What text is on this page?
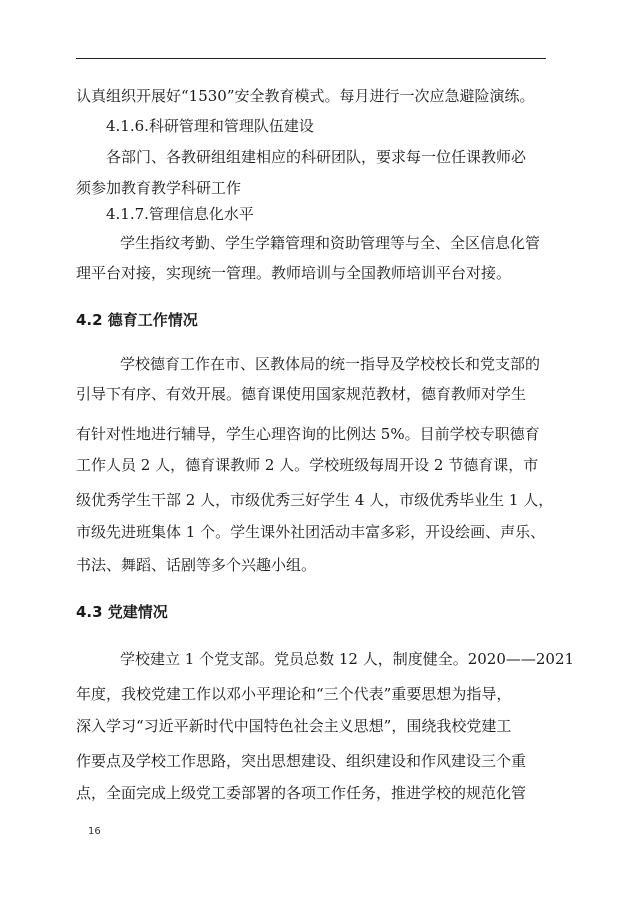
认真组织开展好“1530”安全教育模式。每月进行一次应急避险演练。

4.1.6.科研管理和管理队伍建设

各部门、各教研组组建相应的科研团队，要求每一位任课教师必

须参加教育教学科研工作

4.1.7.管理信息化水平

学生指纹考勤、学生学籍管理和资助管理等与全、全区信息化管

理平台对接，实现统一管理。教师培训与全国教师培训平台对接。

4.2 德育工作情况

学校德育工作在市、区教体局的统一指导及学校校长和党支部的

引导下有序、有效开展。德育课使用国家规范教材，德育教师对学生

有针对性地进行辅导，学生心理咨询的比例达 5%。目前学校专职德育

工作人员 2 人，德育课教师 2 人。学校班级每周开设 2 节德育课，市

级优秀学生干部 2 人，市级优秀三好学生 4 人，市级优秀毕业生 1 人，

市级先进班集体 1 个。学生课外社团活动丰富多彩，开设绘画、声乐、

书法、舞蹈、话剧等多个兴趣小组。

4.3 党建情况

学校建立 1 个党支部。党员总数 12 人，制度健全。2020——2021

年度，我校党建工作以邓小平理论和“三个代表”重要思想为指导，

深入学习“习近平新时代中国特色社会主义思想”，围绕我校党建工

作要点及学校工作思路，突出思想建设、组织建设和作风建设三个重

点，全面完成上级党工委部署的各项工作任务，推进学校的规范化管

16
